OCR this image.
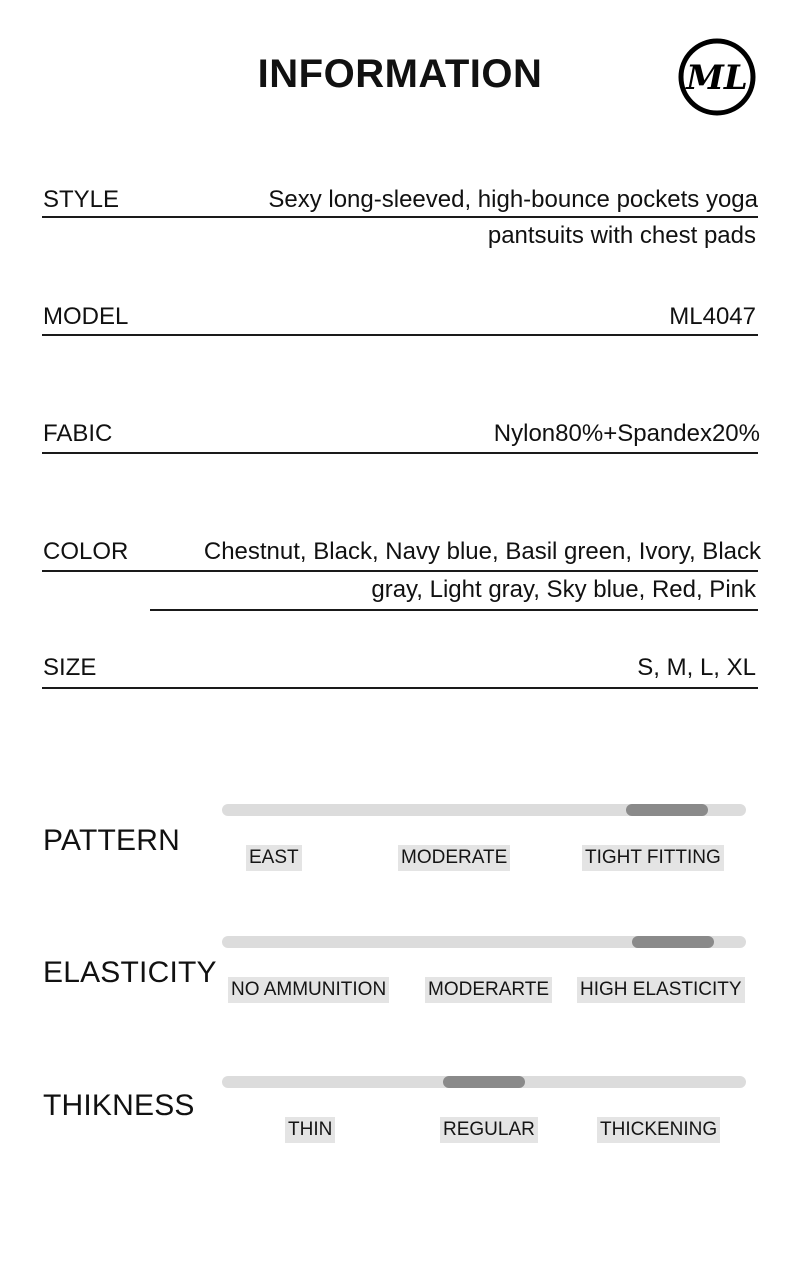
INFORMATION	ML
STYLE	Sexy long-sleeved, high-bounce pockets yoga
pantsuits with chest pads
MODEL	ML4047
FABIC	Nylon80%+Spandex20%
COLOR	Chestnut, Black, Navy blue, Basil green, Ivory, Black
gray, Light gray, Sky blue, Red, Pink
SIZE	S, M, L, XL
PATTERN
EAST	MODERATE	TIGHT FITTING
ELASTICITY
NO AMMUNITION MODERARTE HIGH ELASTICITY
THIKNESS
THIN	REGULAR	THICKENING
